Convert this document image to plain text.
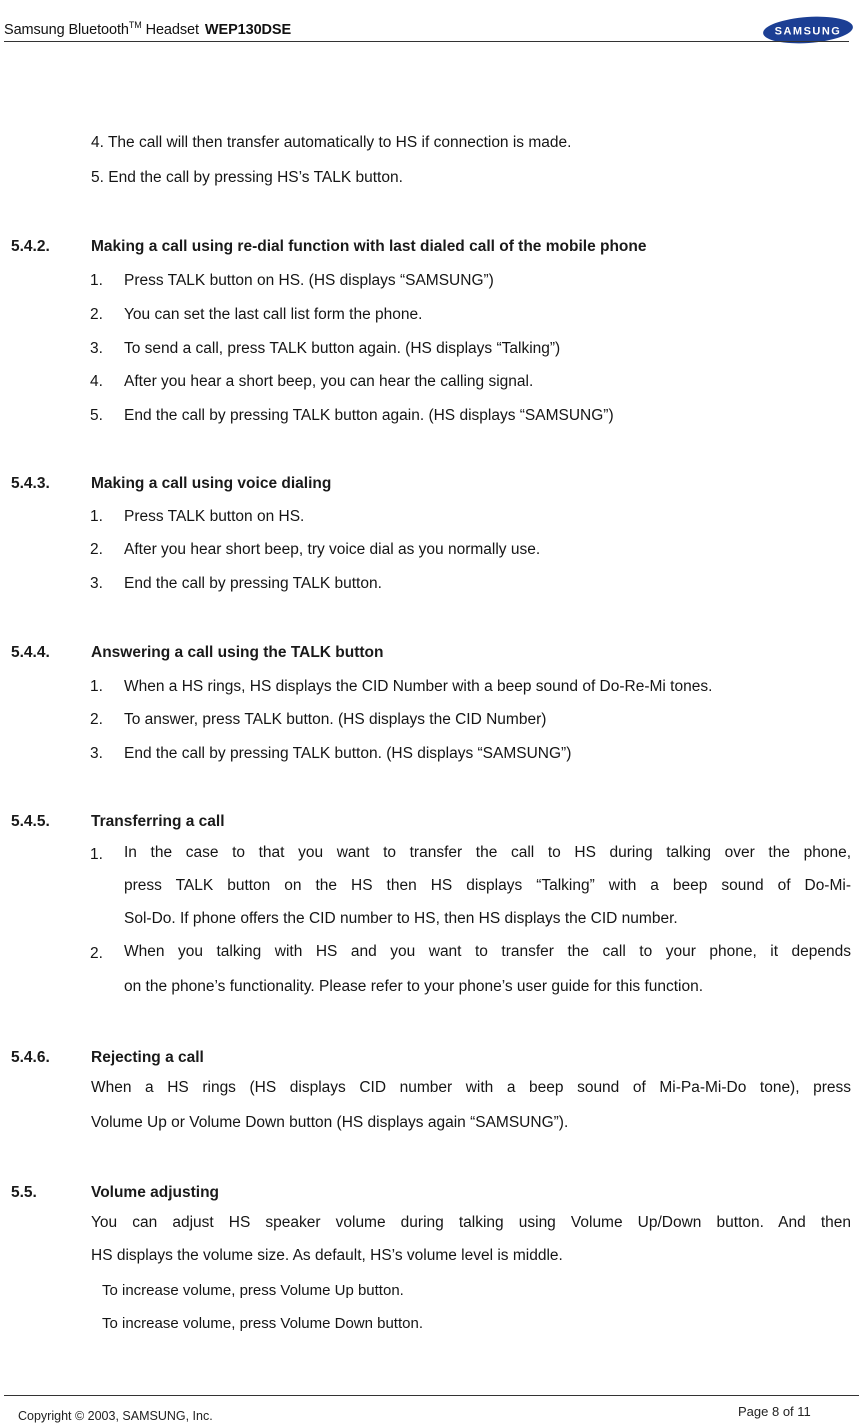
Samsung Bluetooth™ Headset WEP130DSE	SAMSUNG
4. The call will then transfer automatically to HS if connection is made.
5. End the call by pressing HS’s TALK button.
5.4.2.	Making a call using re-dial function with last dialed call of the mobile phone
1. Press TALK button on HS. (HS displays “SAMSUNG”)
2. You can set the last call list form the phone.
3. To send a call, press TALK button again. (HS displays “Talking”)
4. After you hear a short beep, you can hear the calling signal.
5. End the call by pressing TALK button again. (HS displays “SAMSUNG”)
5.4.3.	Making a call using voice dialing
1. Press TALK button on HS.
2. After you hear short beep, try voice dial as you normally use.
3. End the call by pressing TALK button.
5.4.4.	Answering a call using the TALK button
1. When a HS rings, HS displays the CID Number with a beep sound of Do-Re-Mi tones.
2. To answer, press TALK button. (HS displays the CID Number)
3. End the call by pressing TALK button. (HS displays “SAMSUNG”)
5.4.5.	Transferring a call
1. In the case to that you want to transfer the call to HS during talking over the phone,
press TALK button on the HS then HS displays “Talking” with a beep sound of Do-Mi-
Sol-Do. If phone offers the CID number to HS, then HS displays the CID number.
2. When you talking with HS and you want to transfer the call to your phone, it depends
on the phone’s functionality. Please refer to your phone’s user guide for this function.
5.4.6.	Rejecting a call
When a HS rings (HS displays CID number with a beep sound of Mi-Pa-Mi-Do tone), press
Volume Up or Volume Down button (HS displays again “SAMSUNG”).
5.5.	Volume adjusting
You can adjust HS speaker volume during talking using Volume Up/Down button. And then
HS displays the volume size. As default, HS’s volume level is middle.
To increase volume, press Volume Up button.
To increase volume, press Volume Down button.
Copyright © 2003, SAMSUNG, Inc.	Page 8 of 11
